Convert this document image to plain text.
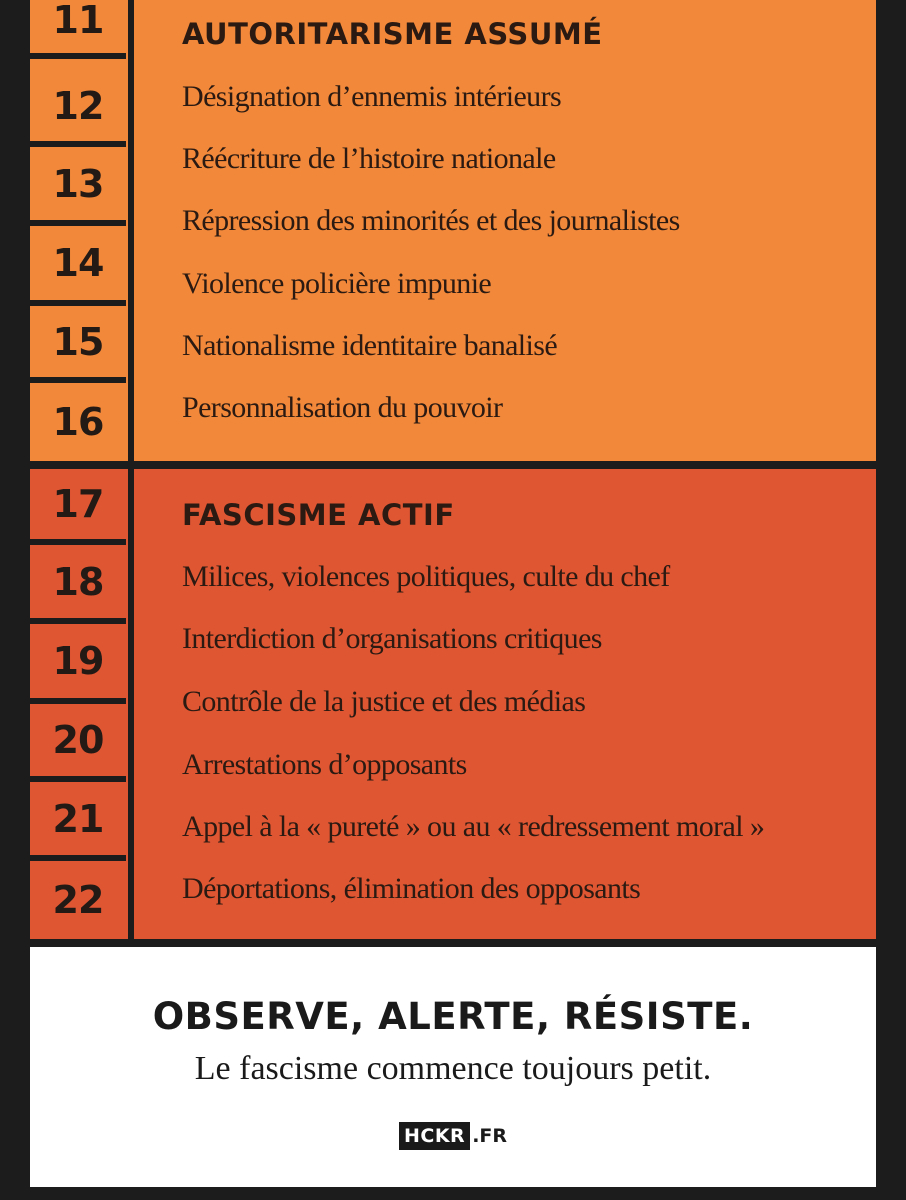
11
12
13
14
15
16
AUTORITARISME ASSUMÉ
Désignation d’ennemis intérieurs
Réécriture de l’histoire nationale
Répression des minorités et des journalistes
Violence policière impunie
Nationalisme identitaire banalisé
Personnalisation du pouvoir
17
18
19
20
21
22
FASCISME ACTIF
Milices, violences politiques, culte du chef
Interdiction d’organisations critiques
Contrôle de la justice et des médias
Arrestations d’opposants
Appel à la « pureté » ou au « redressement moral »
Déportations, élimination des opposants
OBSERVE, ALERTE, RÉSISTE.
Le fascisme commence toujours petit.
HCKR .FR
